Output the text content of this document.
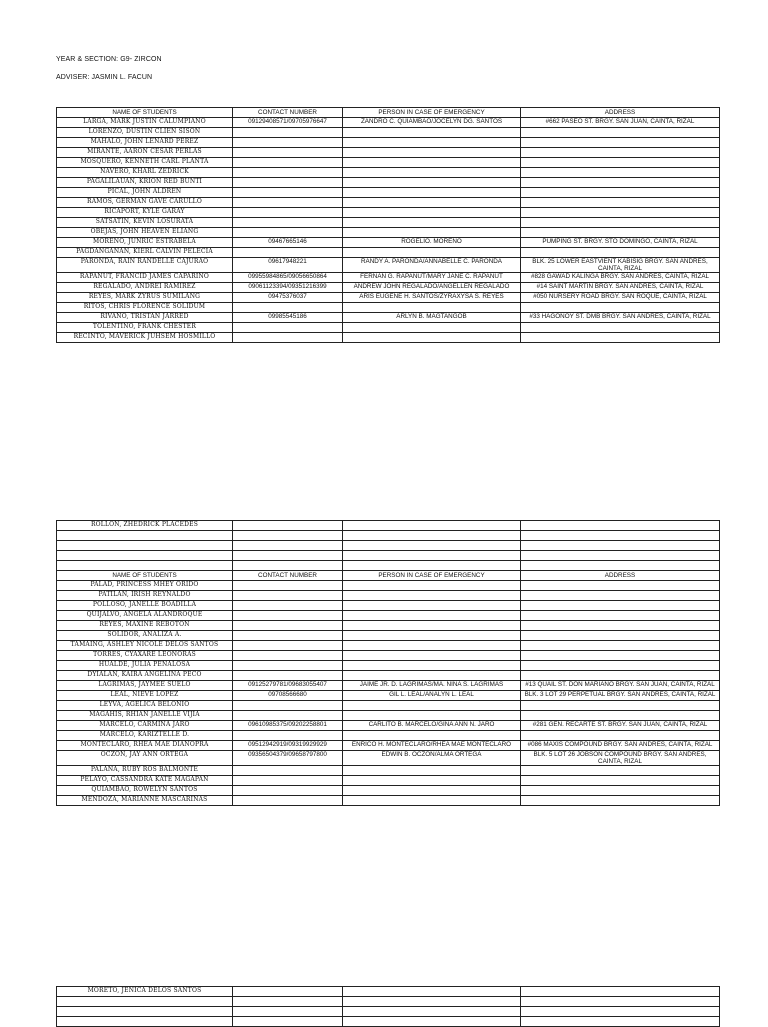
YEAR & SECTION: G9- ZIRCON
ADVISER: JASMIN L. FACUN
NAME OF STUDENTS	CONTACT NUMBER	PERSON IN CASE OF EMERGENCY	ADDRESS
LARGA, MARK JUSTIN CALUMPIANO	09129408571/09705976647	ZANDRO C. QUIAMBAO/JOCELYN DG. SANTOS	#662 PASEO ST. BRGY. SAN JUAN, CAINTA, RIZAL
LORENZO, DUSTIN CLIEN SISON			
MAHALO, JOHN LENARD PEREZ			
MIRANTE, AARON CESAR PERLAS			
MOSQUERO, KENNETH CARL PLANTA			
NAVERO, KHARL ZEDRICK			
PAGALILAUAN, KRION RED BUNTI			
PICAL, JOHN ALDREN			
RAMOS, GERMAN GAVE CARULLO			
RICAPORT, KYLE GARAY			
SATSATIN, KEVIN LOSURATA			
OBEJAS, JOHN HEAVEN ELIANG			
MORENO, JUNRIC ESTRABELA	09467665146	ROGELIO. MORENO	PUMPING ST. BRGY. STO DOMINGO, CAINTA, RIZAL
PAGDANGANAN, KIERL CALVIN PELECIA			
PARONDA, RAIN RANDELLE CAJURAO	09617948221	RANDY A. PARONDA/ANNABELLE C. PARONDA	BLK. 25 LOWER EASTVIENT KABISIG BRGY. SAN ANDRES, CAINTA, RIZAL
RAPANUT, FRANCID JAMES CAPARINO	09955984865/09056650864	FERNAN G. RAPANUT/MARY JANE C. RAPANUT	#828 GAWAD KALINGA BRGY. SAN ANDRES, CAINTA, RIZAL
REGALADO, ANDREI RAMIREZ	09061123394/09351216399	ANDREW JOHN REGALADO/ANGELLEN REGALADO	#14 SAINT MARTIN BRGY. SAN ANDRES, CAINTA, RIZAL
REYES, MARK ZYRUS SUMILANG	09475376037	ARIS EUGENE H. SANTOS/ZYRAXYSA S. REYES	#050 NURSERY ROAD BRGY. SAN ROQUE, CAINTA, RIZAL
RITOS, CHRIS FLORENCE SOLIDUM			
RIVANO, TRISTAN JARRED	09985545186	ARLYN B. MAGTANGOB	#33 HAGONOY ST. DMB BRGY. SAN ANDRES, CAINTA, RIZAL
TOLENTINO, FRANK CHESTER			
RECINTO, MAVERICK JUHSEM HOSMILLO			
ROLLON, ZHEDRICK PLACEDES			

NAME OF STUDENTS	CONTACT NUMBER	PERSON IN CASE OF EMERGENCY	ADDRESS
PALAD, PRINCESS MHEY ORIDO			
PATILAN, IRISH REYNALDO			
POLLOSO, JANELLE BOADILLA			
QUIJALVO, ANGELA ALANDROQUE			
REYES, MAXINE REBOTON			
SOLIDOR, ANALIZA A.			
TAMAING, ASHLEY NICOLE DELOS SANTOS			
TORRES, CYAXARE LEONORAS			
HUALDE, JULIA PENALOSA			
DYIALAN, KAIRA ANGELINA PECO			
LAGRIMAS, JAYMEE SUELO	09125279781/09683055407	JAIME JR. D. LAGRIMAS/MA. NINA S. LAGRIMAS	#13 QUAIL ST. DON MARIANO BRGY. SAN JUAN, CAINTA, RIZAL
LEAL, NIEVE LOPEZ	09708566680	GIL L. LEAL/ANALYN L. LEAL	BLK. 3 LOT 29 PERPETUAL BRGY. SAN ANDRES, CAINTA, RIZAL
LEYVA, AGELICA BELONIO			
MAGAHIS, RHIAN JANELLE VIJIA			
MARCELO, CARMINA JARO	09610985375/09202258801	CARLITO B. MARCELO/GINA ANN N. JARO	#281 GEN. RECARTE ST. BRGY. SAN JUAN, CAINTA, RIZAL
MARCELO, KARIZTELLE D.			
MONTECLARO, RHEA MAE DIANOPRA	09512942919/09319929929	ENRICO H. MONTECLARO/RHEA MAE MONTECLARO	#086 MAXIS COMPOUND BRGY. SAN ANDRES, CAINTA, RIZAL
OCZON, JAY ANN ORTEGA	09356504379/09658797800	EDWIN B. OCZON/ALMA ORTEGA	BLK. 5 LOT 26 JOBSON COMPOUND BRGY. SAN ANDRES, CAINTA, RIZAL
PALAÑA, RUBY ROS BALMONTE			
PELAYO, CASSANDRA KATE MAGAPAN			
QUIAMBAO, ROWELYN SANTOS			
MENDOZA, MARIANNE MASCARIÑAS			
MORETO, JENICA DELOS SANTOS			
